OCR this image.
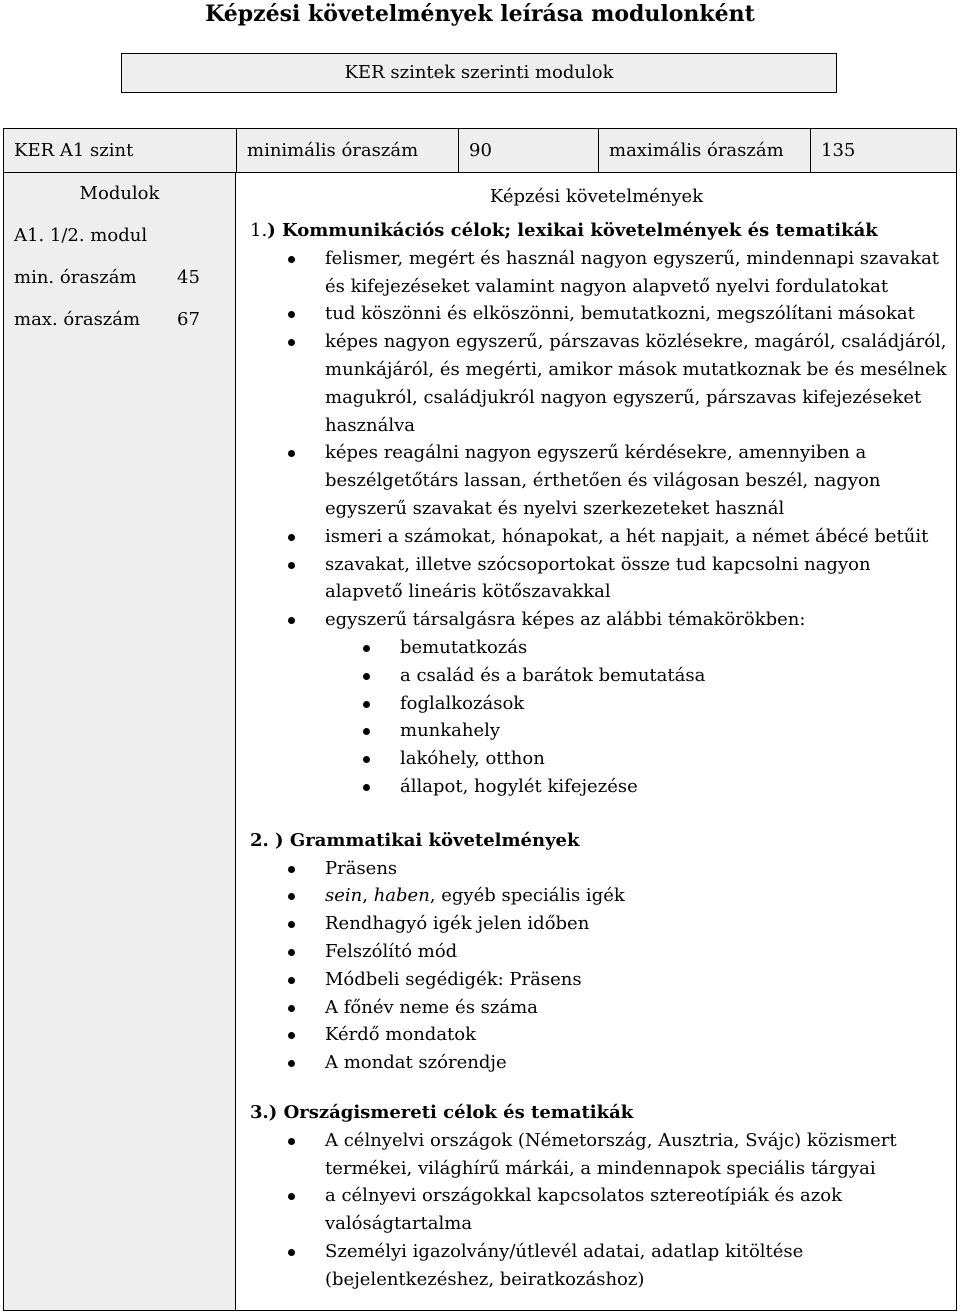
Képzési követelmények leírása modulonként
KER szintek szerinti modulok
KER A1 szint	minimális óraszám	90	maximális óraszám	135
Modulok
A1. 1/2. modul
min. óraszám 45
max. óraszám 67
Képzési követelmények
1.) Kommunikációs célok; lexikai követelmények és tematikák
felismer, megért és használ nagyon egyszerű, mindennapi szavakat és kifejezéseket valamint nagyon alapvető nyelvi fordulatokat
tud köszönni és elköszönni, bemutatkozni, megszólítani másokat
képes nagyon egyszerű, párszavas közlésekre, magáról, családjáról, munkájáról, és megérti, amikor mások mutatkoznak be és mesélnek magukról, családjukról nagyon egyszerű, párszavas kifejezéseket használva
képes reagálni nagyon egyszerű kérdésekre, amennyiben a beszélgetőtárs lassan, érthetően és világosan beszél, nagyon egyszerű szavakat és nyelvi szerkezeteket használ
ismeri a számokat, hónapokat, a hét napjait, a német ábécé betűit
szavakat, illetve szócsoportokat össze tud kapcsolni nagyon alapvető lineáris kötőszavakkal
egyszerű társalgásra képes az alábbi témakörökben:
bemutatkozás
a család és a barátok bemutatása
foglalkozások
munkahely
lakóhely, otthon
állapot, hogylét kifejezése
2. ) Grammatikai követelmények
Präsens
sein, haben, egyéb speciális igék
Rendhagyó igék jelen időben
Felszólító mód
Módbeli segédigék: Präsens
A főnév neme és száma
Kérdő mondatok
A mondat szórendje
3.) Országismereti célok és tematikák
A célnyelvi országok (Németország, Ausztria, Svájc) közismert termékei, világhírű márkái, a mindennapok speciális tárgyai
a célnyevi országokkal kapcsolatos sztereotípiák és azok valóságtartalma
Személyi igazolvány/útlevél adatai, adatlap kitöltése (bejelentkezéshez, beiratkozáshoz)
